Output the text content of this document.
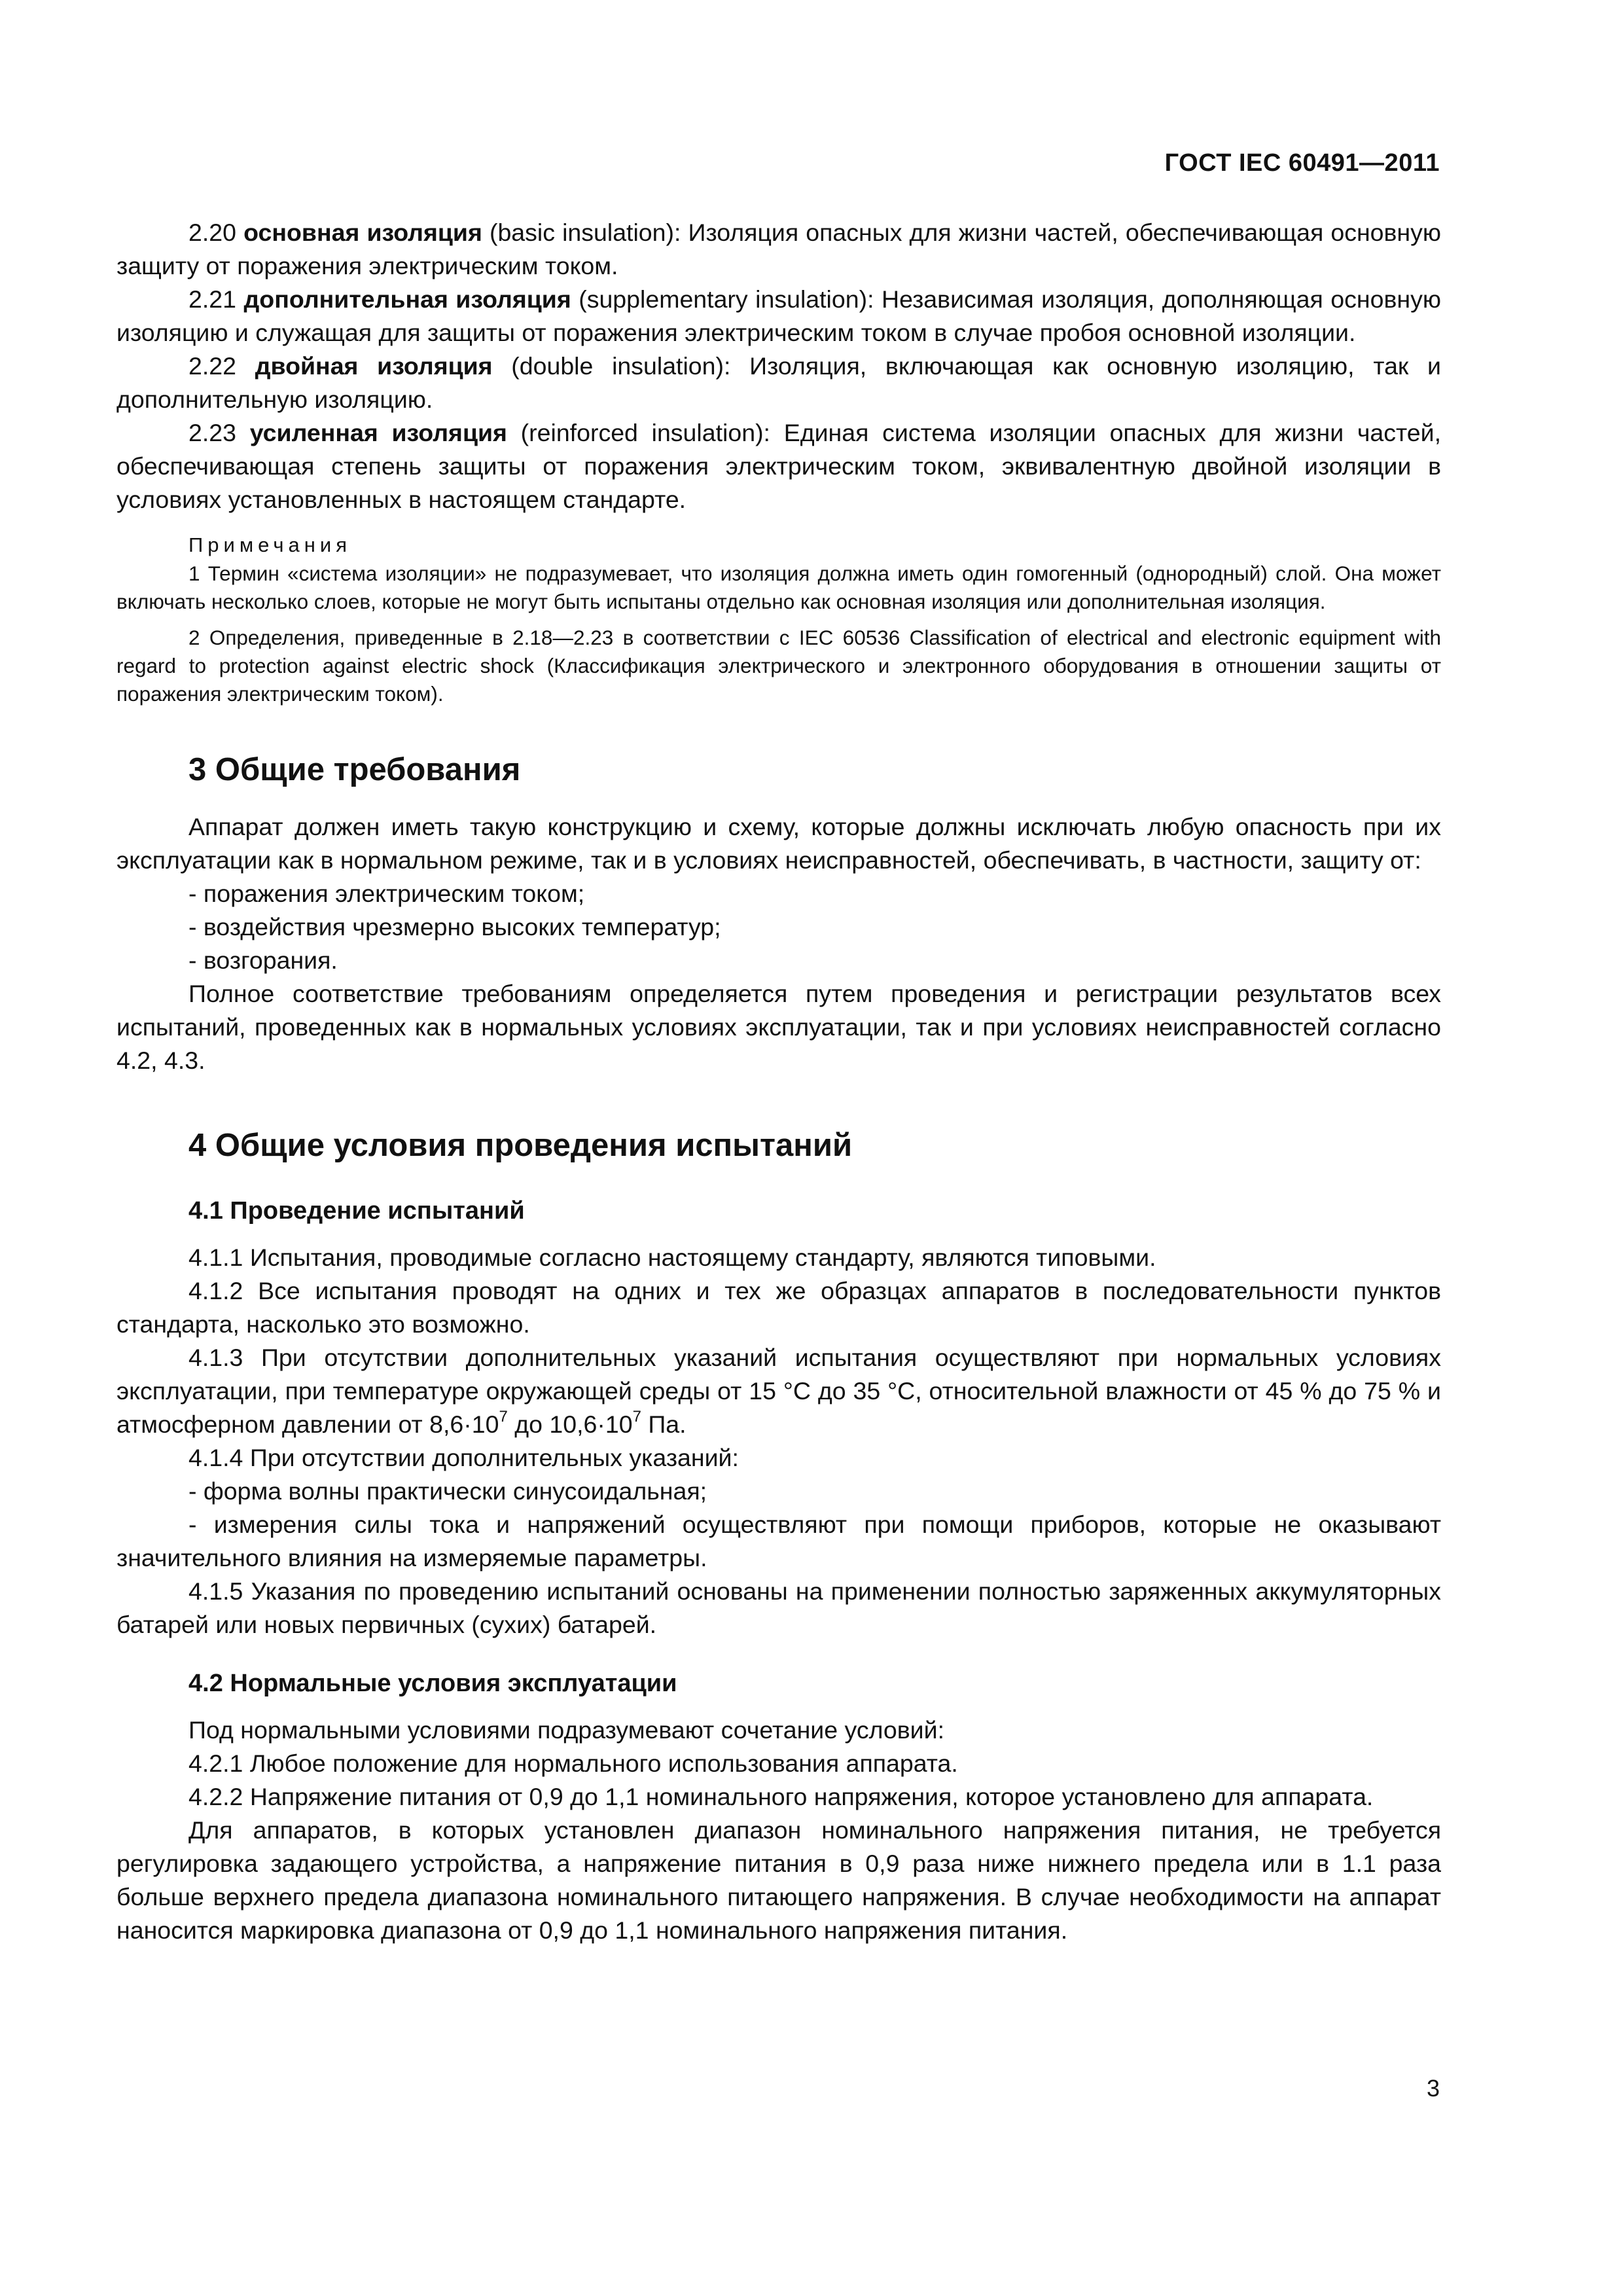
ГОСТ IEC 60491—2011

2.20 основная изоляция (basic insulation): Изоляция опасных для жизни частей, обеспечивающая основную защиту от поражения электрическим током.

2.21 дополнительная изоляция (supplementary insulation): Независимая изоляция, дополняющая основную изоляцию и служащая для защиты от поражения электрическим током в случае пробоя основной изоляции.

2.22 двойная изоляция (double insulation): Изоляция, включающая как основную изоляцию, так и дополнительную изоляцию.

2.23 усиленная изоляция (reinforced insulation): Единая система изоляции опасных для жизни частей, обеспечивающая степень защиты от поражения электрическим током, эквивалентную двойной изоляции в условиях установленных в настоящем стандарте.

Примечания

1 Термин «система изоляции» не подразумевает, что изоляция должна иметь один гомогенный (однородный) слой. Она может включать несколько слоев, которые не могут быть испытаны отдельно как основная изоляция или дополнительная изоляция.

2 Определения, приведенные в 2.18—2.23 в соответствии с IEC 60536 Classification of electrical and electronic equipment with regard to protection against electric shock (Классификация электрического и электронного оборудования в отношении защиты от поражения электрическим током).

3 Общие требования

Аппарат должен иметь такую конструкцию и схему, которые должны исключать любую опасность при их эксплуатации как в нормальном режиме, так и в условиях неисправностей, обеспечивать, в частности, защиту от:

- поражения электрическим током;

- воздействия чрезмерно высоких температур;

- возгорания.

Полное соответствие требованиям определяется путем проведения и регистрации результатов всех испытаний, проведенных как в нормальных условиях эксплуатации, так и при условиях неисправностей согласно 4.2, 4.3.

4 Общие условия проведения испытаний
4.1 Проведение испытаний

4.1.1 Испытания, проводимые согласно настоящему стандарту, являются типовыми.

4.1.2 Все испытания проводят на одних и тех же образцах аппаратов в последовательности пунктов стандарта, насколько это возможно.

4.1.3 При отсутствии дополнительных указаний испытания осуществляют при нормальных условиях эксплуатации, при температуре окружающей среды от 15 °C до 35 °C, относительной влажности от 45 % до 75 % и атмосферном давлении от $8,6\cdot 10^7$ до $10,6\cdot 10^7$ Па.

4.1.4 При отсутствии дополнительных указаний:

- форма волны практически синусоидальная;

- измерения силы тока и напряжений осуществляют при помощи приборов, которые не оказывают значительного влияния на измеряемые параметры.

4.1.5 Указания по проведению испытаний основаны на применении полностью заряженных аккумуляторных батарей или новых первичных (сухих) батарей.

4.2 Нормальные условия эксплуатации

Под нормальными условиями подразумевают сочетание условий:

4.2.1 Любое положение для нормального использования аппарата.

4.2.2 Напряжение питания от 0,9 до 1,1 номинального напряжения, которое установлено для аппарата.

Для аппаратов, в которых установлен диапазон номинального напряжения питания, не требуется регулировка задающего устройства, а напряжение питания в 0,9 раза ниже нижнего предела или в 1.1 раза больше верхнего предела диапазона номинального питающего напряжения. В случае необходимости на аппарат наносится маркировка диапазона от 0,9 до 1,1 номинального напряжения питания.

3
